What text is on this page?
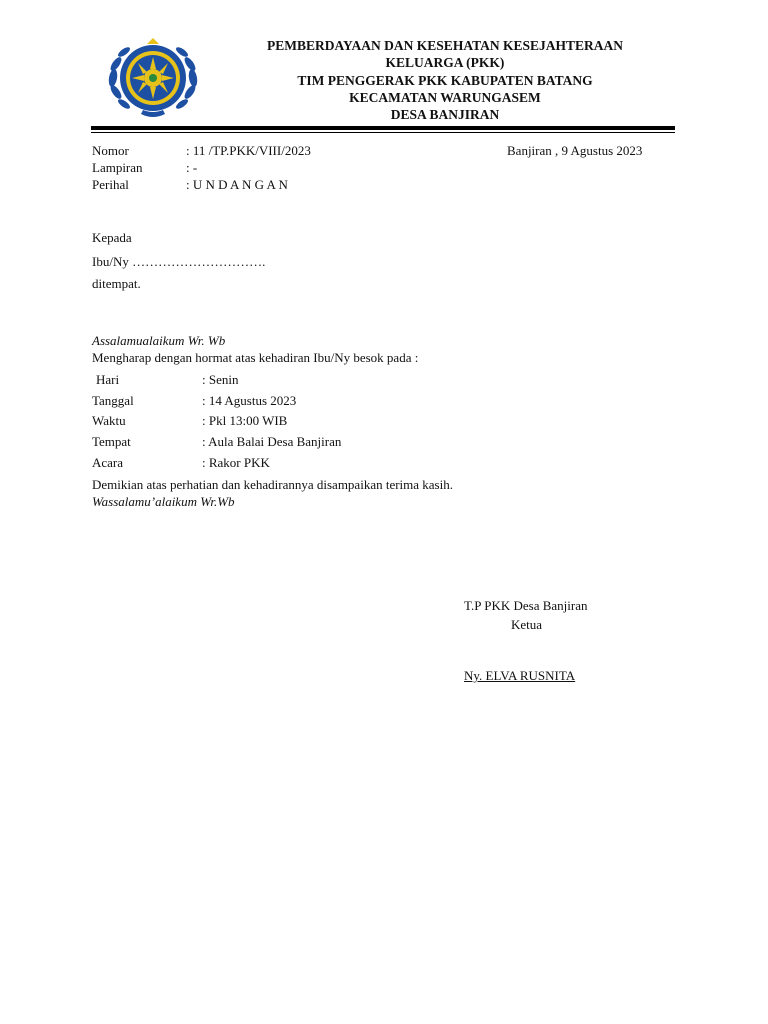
PEMBERDAYAAN DAN KESEHATAN KESEJAHTERAAN
KELUARGA (PKK)
TIM PENGGERAK PKK KABUPATEN BATANG
KECAMATAN WARUNGASEM
DESA BANJIRAN
Nomor	: 11 /TP.PKK/VIII/2023	Banjiran , 9 Agustus 2023
Lampiran	: -
Perihal	: U N D A N G A N
Kepada
Ibu/Ny ………………………….
ditempat.
Assalamualaikum Wr. Wb
Mengharap dengan hormat atas kehadiran Ibu/Ny besok pada :
Hari	: Senin
Tanggal	: 14 Agustus 2023
Waktu	: Pkl 13:00 WIB
Tempat	: Aula Balai Desa Banjiran
Acara	: Rakor PKK
Demikian atas perhatian dan kehadirannya disampaikan terima kasih.
Wassalamu’alaikum Wr.Wb
T.P PKK Desa Banjiran
Ketua
Ny. ELVA RUSNITA
